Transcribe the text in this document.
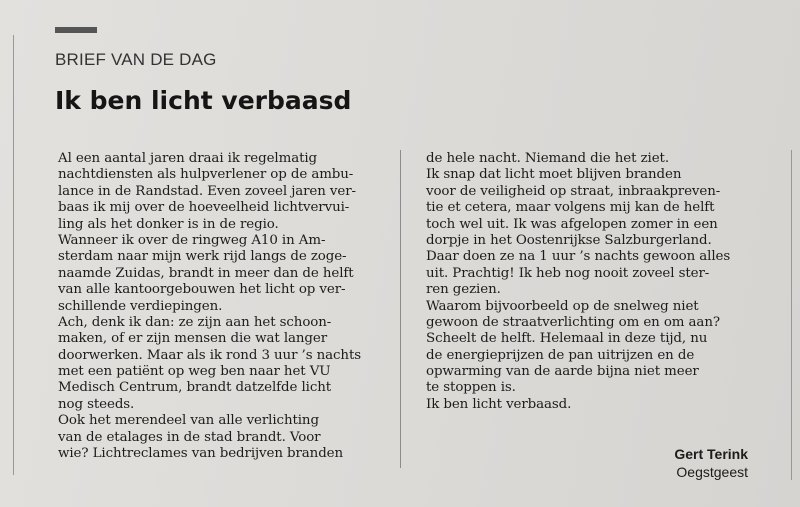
BRIEF VAN DE DAG
Ik ben licht verbaasd
Al een aantal jaren draai ik regelmatig
nachtdiensten als hulpverlener op de ambu-
lance in de Randstad. Even zoveel jaren ver-
baas ik mij over de hoeveelheid lichtvervui-
ling als het donker is in de regio.
Wanneer ik over de ringweg A10 in Am-
sterdam naar mijn werk rijd langs de zoge-
naamde Zuidas, brandt in meer dan de helft
van alle kantoorgebouwen het licht op ver-
schillende verdiepingen.
Ach, denk ik dan: ze zijn aan het schoon-
maken, of er zijn mensen die wat langer
doorwerken. Maar als ik rond 3 uur ’s nachts
met een patiënt op weg ben naar het VU
Medisch Centrum, brandt datzelfde licht
nog steeds.
Ook het merendeel van alle verlichting
van de etalages in de stad brandt. Voor
wie? Lichtreclames van bedrijven branden
de hele nacht. Niemand die het ziet.
Ik snap dat licht moet blijven branden
voor de veiligheid op straat, inbraakpreven-
tie et cetera, maar volgens mij kan de helft
toch wel uit. Ik was afgelopen zomer in een
dorpje in het Oostenrijkse Salzburgerland.
Daar doen ze na 1 uur ’s nachts gewoon alles
uit. Prachtig! Ik heb nog nooit zoveel ster-
ren gezien.
Waarom bijvoorbeeld op de snelweg niet
gewoon de straatverlichting om en om aan?
Scheelt de helft. Helemaal in deze tijd, nu
de energieprijzen de pan uitrijzen en de
opwarming van de aarde bijna niet meer
te stoppen is.
Ik ben licht verbaasd.
Gert Terink
Oegstgeest
